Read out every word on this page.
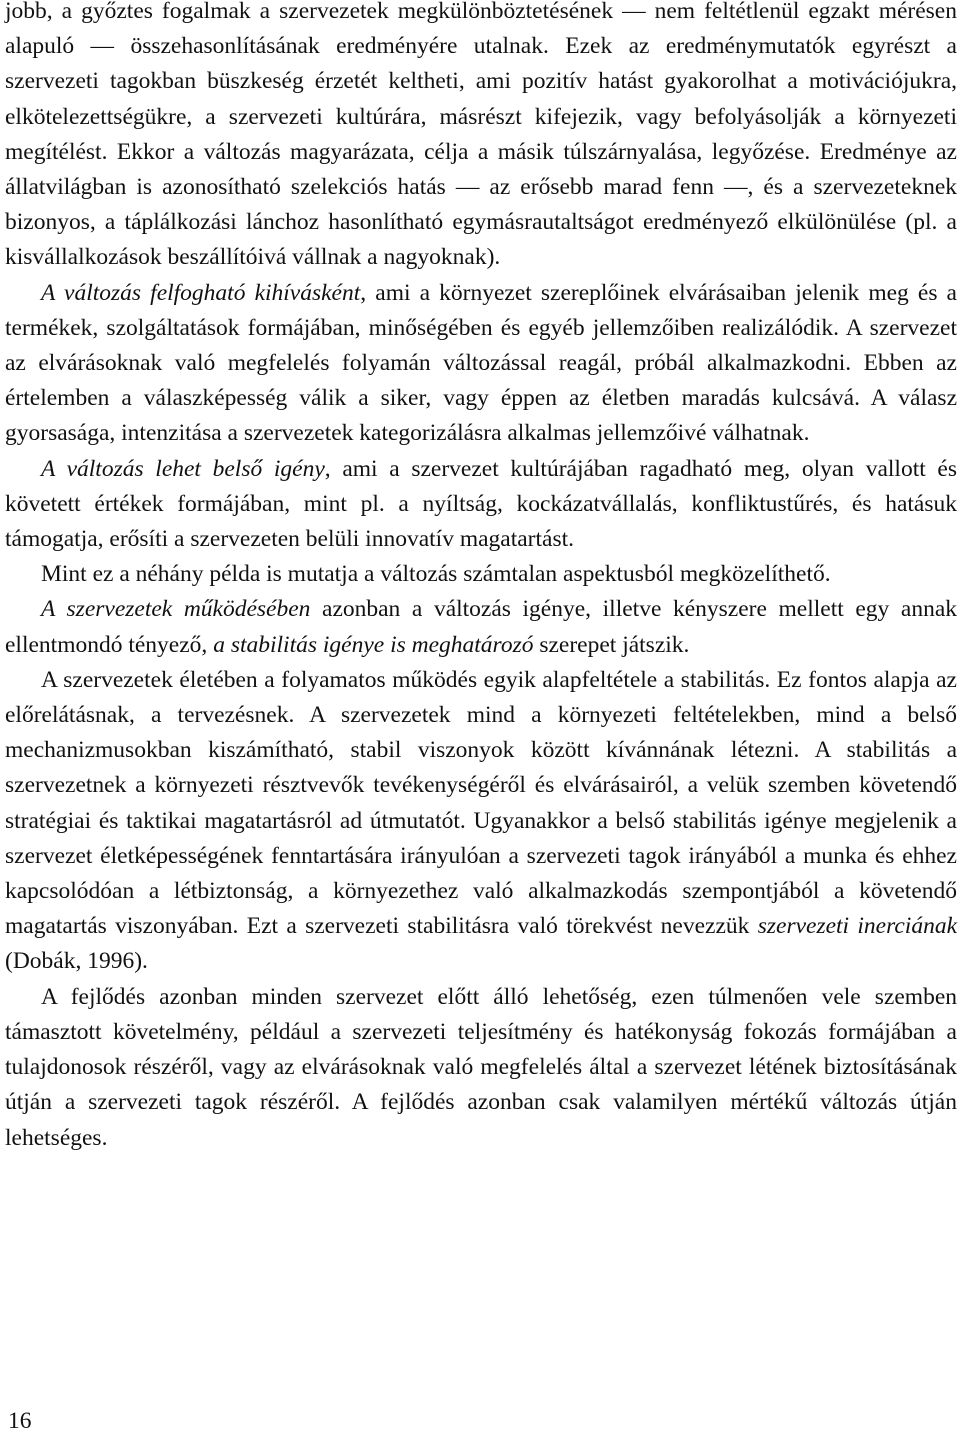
jobb, a győztes fogalmak a szervezetek megkülönböztetésének — nem feltétlenül egzakt mérésen alapuló — összehasonlításának eredményére utalnak. Ezek az eredménymutatók egyrészt a szervezeti tagokban büszkeség érzetét keltheti, ami pozitív hatást gyakorolhat a motivációjukra, elkötelezettségükre, a szervezeti kultúrára, másrészt kifejezik, vagy befolyásolják a környezeti megítélést. Ekkor a változás magyarázata, célja a másik túlszárnyalása, legyőzése. Eredménye az állatvilágban is azonosítható szelekciós hatás — az erősebb marad fenn —, és a szervezeteknek bizonyos, a táplálkozási lánchoz hasonlítható egymásrautaltságot eredményező elkülönülése (pl. a kisvállalkozások beszállítóivá vállnak a nagyoknak).

A változás felfogható kihívásként, ami a környezet szereplőinek elvárásaiban jelenik meg és a termékek, szolgáltatások formájában, minőségében és egyéb jellemzőiben realizálódik. A szervezet az elvárásoknak való megfelelés folyamán változással reagál, próbál alkalmazkodni. Ebben az értelemben a válaszképesség válik a siker, vagy éppen az életben maradás kulcsává. A válasz gyorsasága, intenzitása a szervezetek kategorizálásra alkalmas jellemzőivé válhatnak.

A változás lehet belső igény, ami a szervezet kultúrájában ragadható meg, olyan vallott és követett értékek formájában, mint pl. a nyíltság, kockázatvállalás, konfliktustűrés, és hatásuk támogatja, erősíti a szervezeten belüli innovatív magatartást.

Mint ez a néhány példa is mutatja a változás számtalan aspektusból megközelíthető.

A szervezetek működésében azonban a változás igénye, illetve kényszere mellett egy annak ellentmondó tényező, a stabilitás igénye is meghatározó szerepet játszik.

A szervezetek életében a folyamatos működés egyik alapfeltétele a stabilitás. Ez fontos alapja az előrelátásnak, a tervezésnek. A szervezetek mind a környezeti feltételekben, mind a belső mechanizmusokban kiszámítható, stabil viszonyok között kívánnának létezni. A stabilitás a szervezetnek a környezeti résztvevők tevékenységéről és elvárásairól, a velük szemben követendő stratégiai és taktikai magatartásról ad útmutatót. Ugyanakkor a belső stabilitás igénye megjelenik a szervezet életképességének fenntartására irányulóan a szervezeti tagok irányából a munka és ehhez kapcsolódóan a létbiztonság, a környezethez való alkalmazkodás szempontjából a követendő magatartás viszonyában. Ezt a szervezeti stabilitásra való törekvést nevezzük szervezeti inerciának (Dobák, 1996).

A fejlődés azonban minden szervezet előtt álló lehetőség, ezen túlmenően vele szemben támasztott követelmény, például a szervezeti teljesítmény és hatékonyság fokozás formájában a tulajdonosok részéről, vagy az elvárásoknak való megfelelés által a szervezet létének biztosításának útján a szervezeti tagok részéről. A fejlődés azonban csak valamilyen mértékű változás útján lehetséges.

16
